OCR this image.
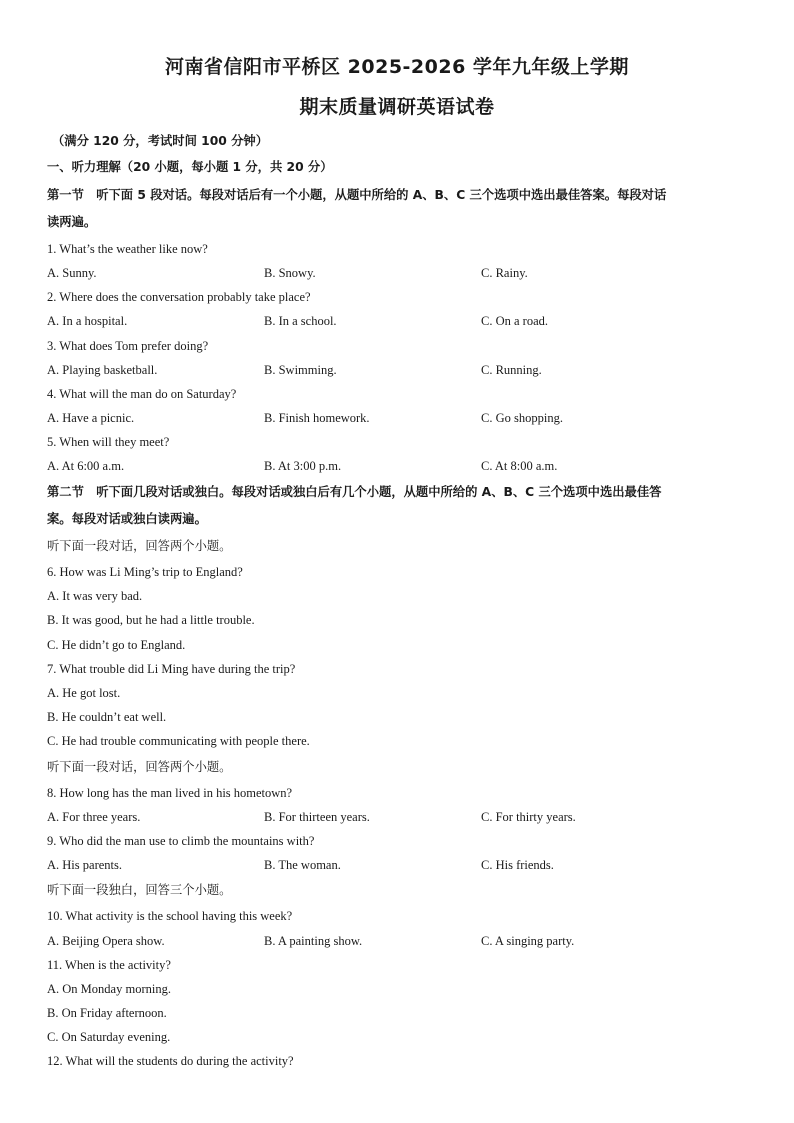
河南省信阳市平桥区 2025-2026 学年九年级上学期
期末质量调研英语试卷
（满分 120 分，考试时间 100 分钟）
一、听力理解（20 小题，每小题 1 分，共 20 分）
第一节　听下面 5 段对话。每段对话后有一个小题，从题中所给的 A、B、C 三个选项中选出最佳答案。每段对话
读两遍。
1. What’s the weather like now?
A. Sunny.	B. Snowy.	C. Rainy.
2. Where does the conversation probably take place?
A. In a hospital.	B. In a school.	C. On a road.
3. What does Tom prefer doing?
A. Playing basketball.	B. Swimming.	C. Running.
4. What will the man do on Saturday?
A. Have a picnic.	B. Finish homework.	C. Go shopping.
5. When will they meet?
A. At 6:00 a.m.	B. At 3:00 p.m.	C. At 8:00 a.m.
第二节　听下面几段对话或独白。每段对话或独白后有几个小题，从题中所给的 A、B、C 三个选项中选出最佳答
案。每段对话或独白读两遍。
听下面一段对话，回答两个小题。
6. How was Li Ming’s trip to England?
A. It was very bad.
B. It was good, but he had a little trouble.
C. He didn’t go to England.
7. What trouble did Li Ming have during the trip?
A. He got lost.
B. He couldn’t eat well.
C. He had trouble communicating with people there.
听下面一段对话，回答两个小题。
8. How long has the man lived in his hometown?
A. For three years.	B. For thirteen years.	C. For thirty years.
9. Who did the man use to climb the mountains with?
A. His parents.	B. The woman.	C. His friends.
听下面一段独白，回答三个小题。
10. What activity is the school having this week?
A. Beijing Opera show.	B. A painting show.	C. A singing party.
11. When is the activity?
A. On Monday morning.
B. On Friday afternoon.
C. On Saturday evening.
12. What will the students do during the activity?
